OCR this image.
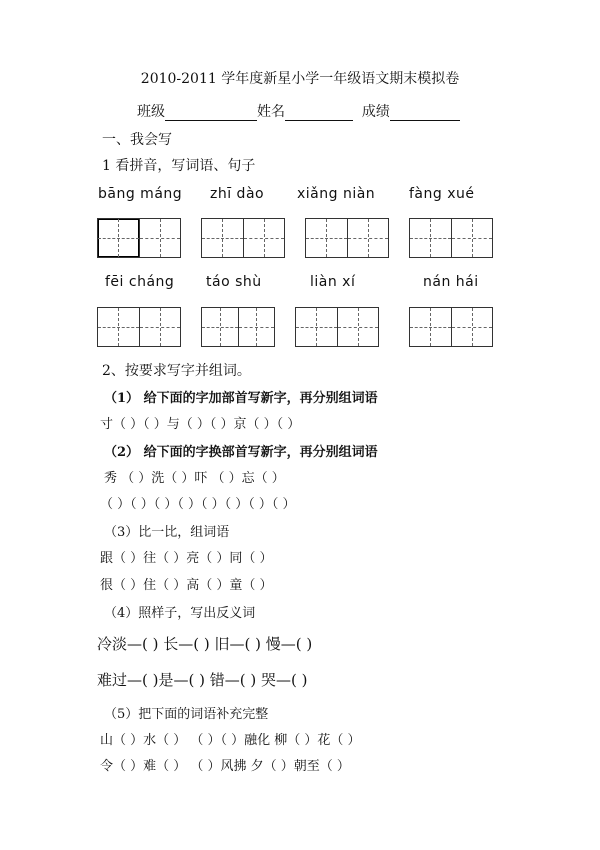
2010-2011 学年度新星小学一年级语文期末模拟卷
班级	姓名	成绩
一、我会写
1 看拼音，写词语、句子
bāng máng zhī dào xiǎng niàn fàng xué
fēi cháng táo shù	liàn xí	nán hái
2、按要求写字并组词。
（1） 给下面的字加部首写新字，再分别组词语
寸（ ）（ ）与（ ）（ ）京（ ）（ ）
（2） 给下面的字换部首写新字，再分别组词语
秀 （ ）洗（ ）吓 （ ）忘（ ）
（ ）（ ）（ ）（ ）（ ）（ ）（ ）（ ）
（3）比一比，组词语
跟（ ）往（ ）亮（ ）同（ ）
很（ ）住（ ）高（ ）童（ ）
（4）照样子，写出反义词
冷淡—( ) 长—( ) 旧—( ) 慢—( )
难过—( )是—( ) 错—( ) 哭—( )
（5）把下面的词语补充完整
山（ ）水（ ） （ ）（ ）融化 柳（ ）花（ ）
令（ ）难（ ） （ ）风拂 夕（ ）朝至（ ）
